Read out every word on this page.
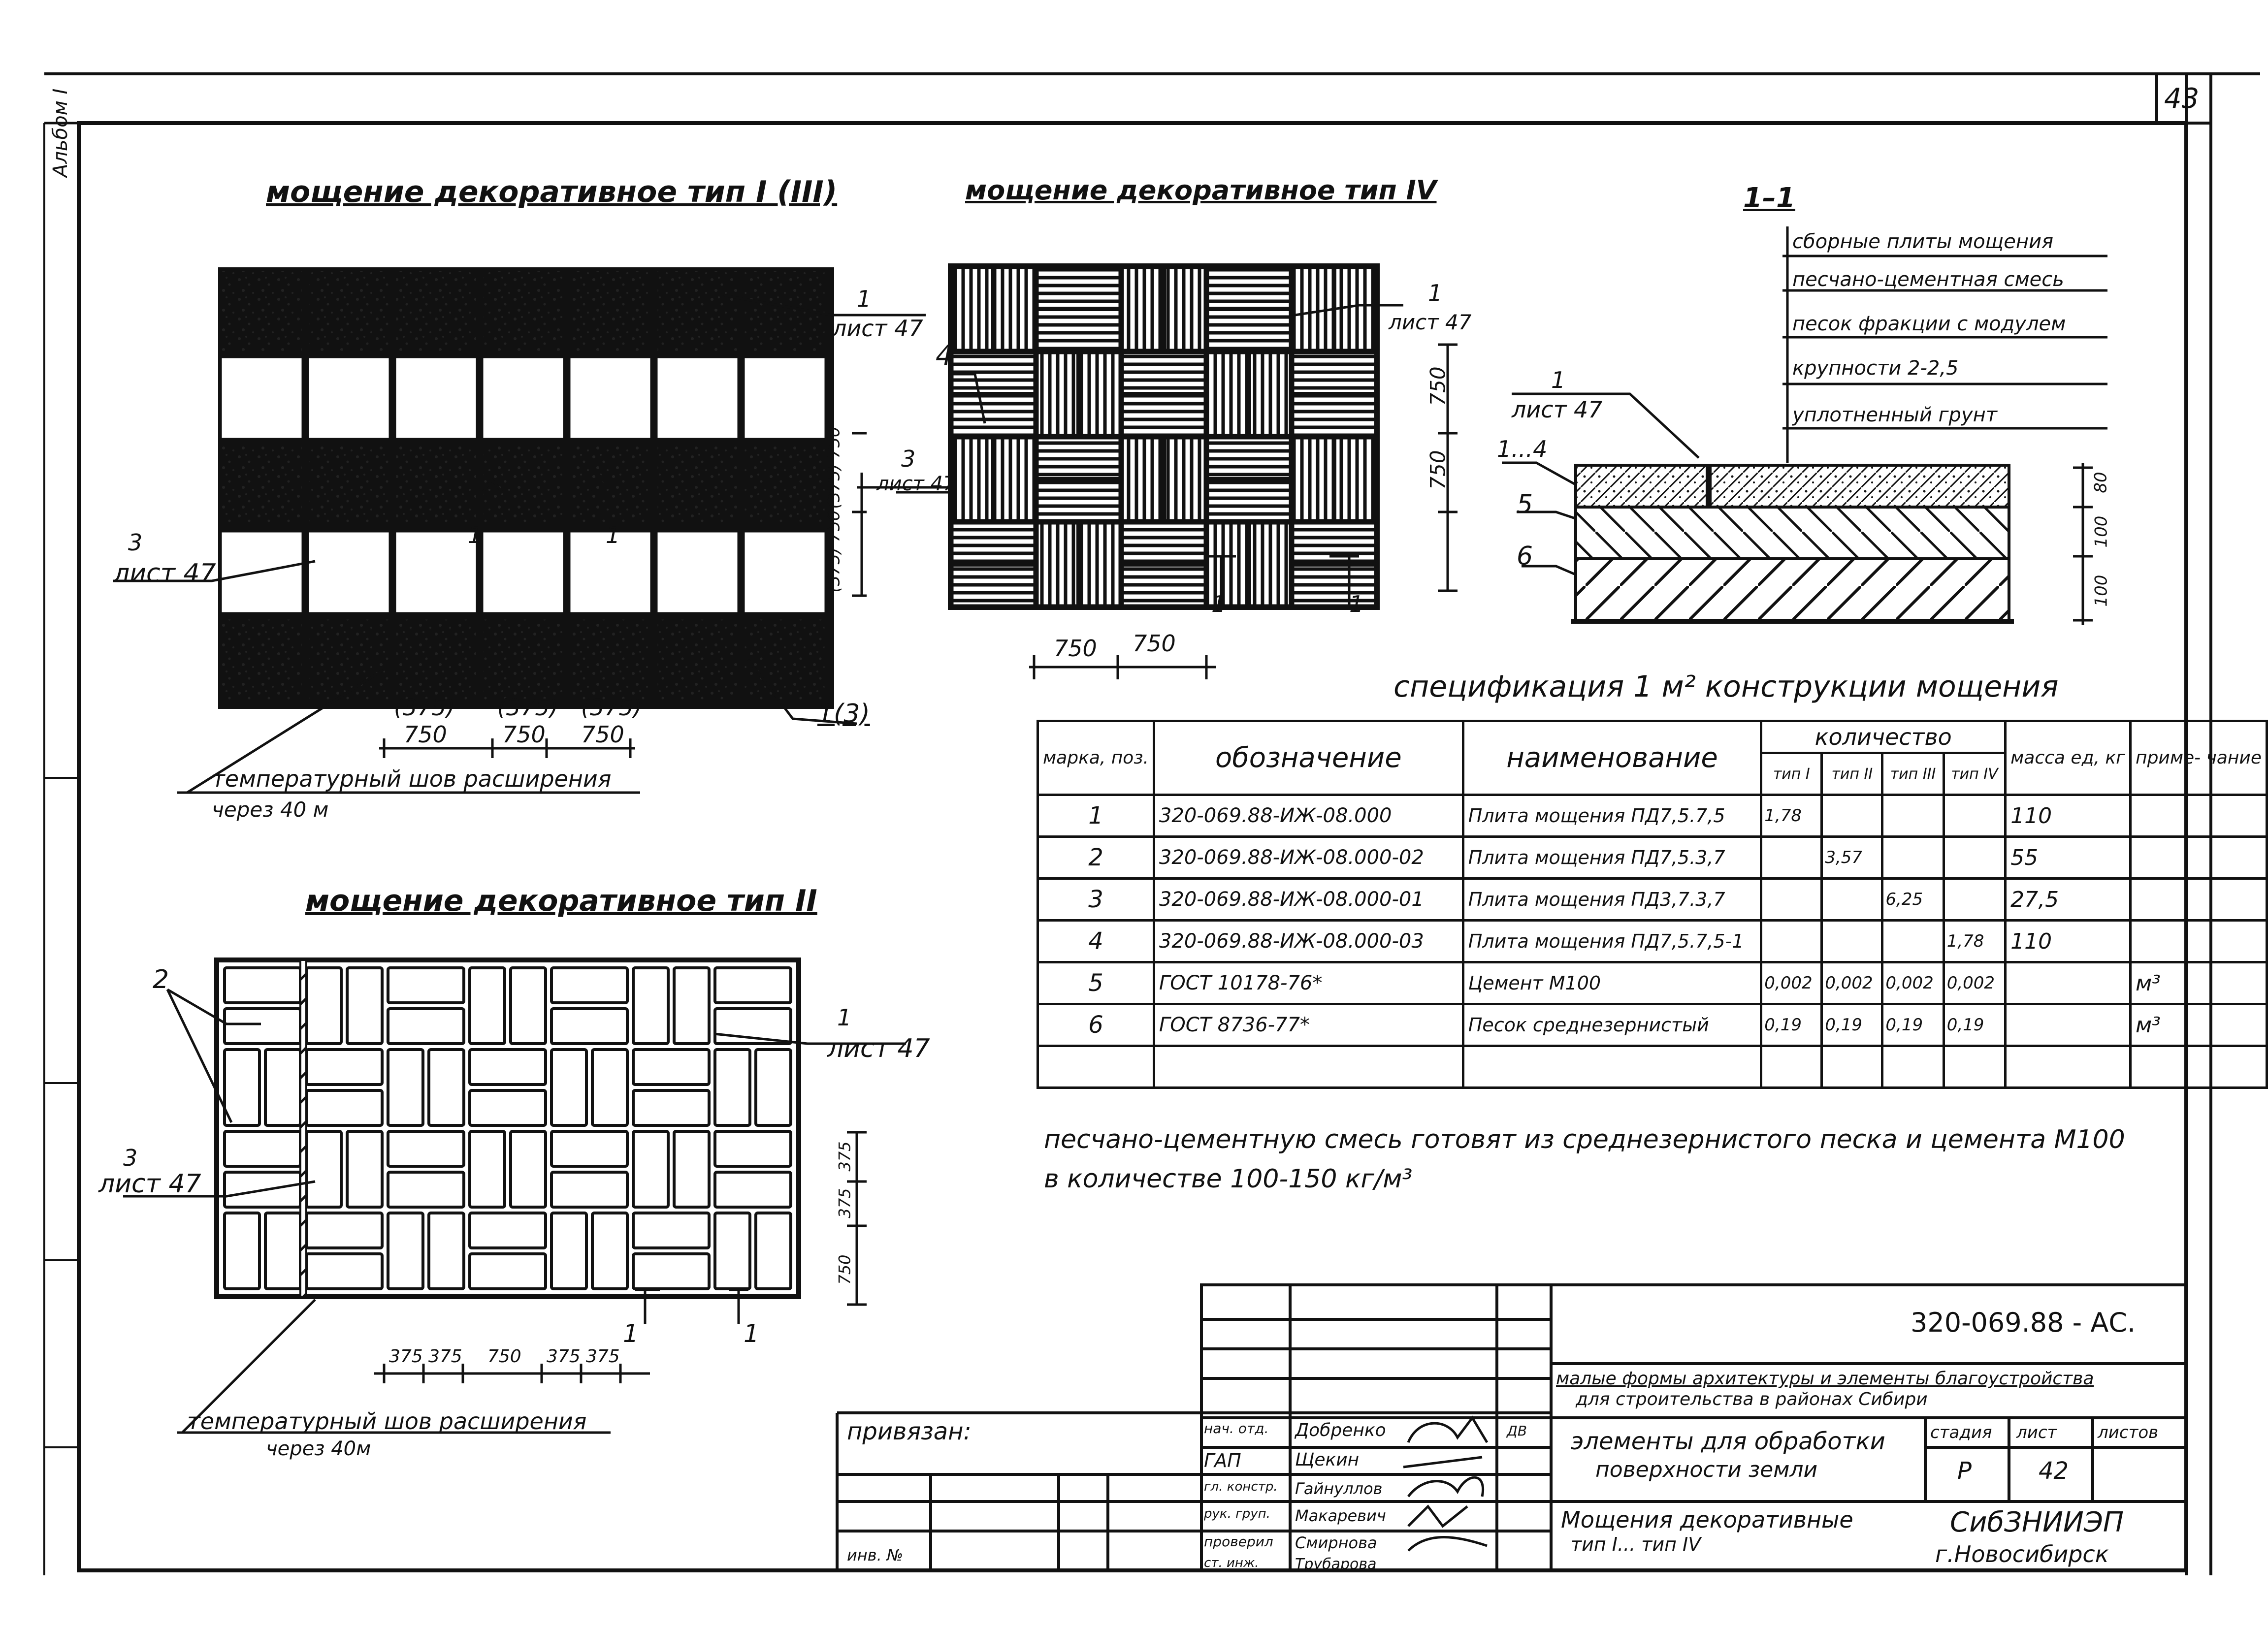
Альбом I	43
мощение декоративное тип I (III)	мощение декоративное тип IV	1–1
мощение декоративное тип II
спецификация 1 м² конструкции мощения
1
лист 47
3
лист 47
1(3)
1	1
(375) (375) (375)
750 750 750
температурный шов расширения
через 40 м
1
лист 47
4
3
лист 47
750
750
(375) 750
(375) 750
750 750
1	1
сборные плиты мощения
песчано-цементная смесь
песок фракции с модулем
крупности 2-2,5
уплотненный грунт
1
лист 47
1...4
5
6
80
100
100
2
1
лист 47
3
лист 47
375 375 750 375 375
375
375
750
1	1
температурный шов расширения
через 40м
марка, поз.	обозначение	наименование	количество				масса ед, кг	приме- чание
			тип I	тип II	тип III	тип IV		
1	320-069.88-ИЖ-08.000	Плита мощения ПД7,5.7,5	1,78				110	
2	320-069.88-ИЖ-08.000-02	Плита мощения ПД7,5.3,7		3,57			55	
3	320-069.88-ИЖ-08.000-01	Плита мощения ПД3,7.3,7			6,25		27,5	
4	320-069.88-ИЖ-08.000-03	Плита мощения ПД7,5.7,5-1				1,78	110	
5	ГОСТ 10178-76*	Цемент М100	0,002	0,002	0,002	0,002		м³
6	ГОСТ 8736-77*	Песок среднезернистый	0,19	0,19	0,19	0,19		м³

песчано-цементную смесь готовят из среднезернистого песка и цемента М100
в количестве 100-150 кг/м³
320-069.88 - АС.
малые формы архитектуры и элементы благоустройства
для строительства в районах Сибири
привязан:
инв. №
нач. отд.
ГАП
гл. констр.
рук. груп.
проверил
ст. инж.
Добренко
Щекин
Гайнуллов
Макаревич
Смирнова
Трубарова
ДВ элементы для обработки
поверхности земли
Мощения декоративные
тип I... тип IV
стадия лист листов
Р	42
СибЗНИИЭП
г.Новосибирск
